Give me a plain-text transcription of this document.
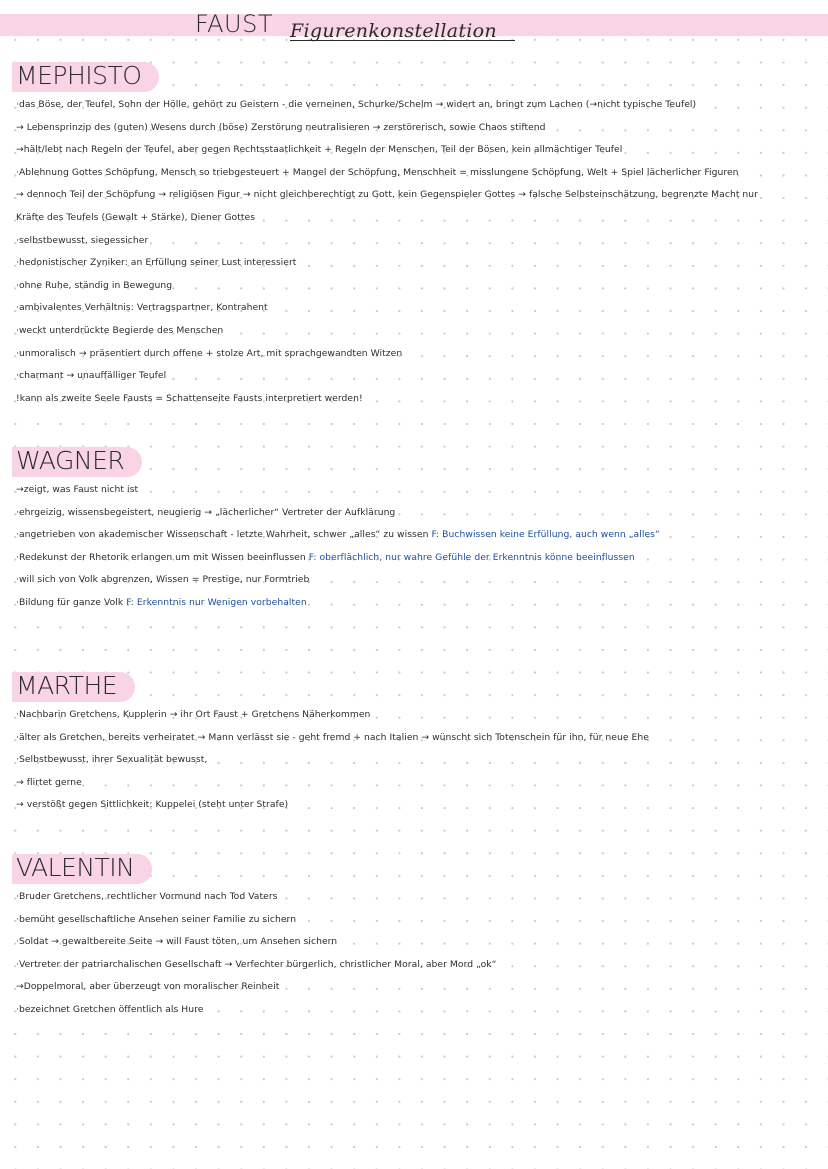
FAUST Figurenkonstellation
MEPHISTO
·das Böse, der Teufel, Sohn der Hölle, gehört zu Geistern - die verneinen, Schurke/Schelm → widert an, bringt zum Lachen (→nicht typische Teufel)
→ Lebensprinzip des (guten) Wesens durch (böse) Zerstörung neutralisieren → zerstörerisch, sowie Chaos stiftend
→hält/lebt nach Regeln der Teufel, aber gegen Rechtsstaatlichkeit + Regeln der Menschen, Teil der Bösen, kein allmächtiger Teufel
·Ablehnung Gottes Schöpfung, Mensch so triebgesteuert + Mangel der Schöpfung, Menschheit = misslungene Schöpfung, Welt + Spiel lächerlicher Figuren
→ dennoch Teil der Schöpfung → religiösen Figur → nicht gleichberechtigt zu Gott, kein Gegenspieler Gottes → falsche Selbsteinschätzung, begrenzte Macht nur
Kräfte des Teufels (Gewalt + Stärke), Diener Gottes
·selbstbewusst, siegessicher
·hedonistischer Zyniker: an Erfüllung seiner Lust interessiert
·ohne Ruhe, ständig in Bewegung
·ambivalentes Verhältnis: Vertragspartner, Kontrahent
·weckt unterdrückte Begierde des Menschen
·unmoralisch → präsentiert durch offene + stolze Art, mit sprachgewandten Witzen
·charmant → unauffälliger Teufel
!kann als zweite Seele Fausts = Schattenseite Fausts interpretiert werden!
WAGNER
→zeigt, was Faust nicht ist
·ehrgeizig, wissensbegeistert, neugierig → „lächerlicher“ Vertreter der Aufklärung
·angetrieben von akademischer Wissenschaft - letzte Wahrheit, schwer „alles“ zu wissen F: Buchwissen keine Erfüllung, auch wenn „alles“
·Redekunst der Rhetorik erlangen um mit Wissen beeinflussen F: oberflächlich, nur wahre Gefühle der Erkenntnis könne beeinflussen
·will sich von Volk abgrenzen, Wissen = Prestige, nur Formtrieb
·Bildung für ganze Volk F: Erkenntnis nur Wenigen vorbehalten
MARTHE
·Nachbarin Gretchens, Kupplerin → ihr Ort Faust + Gretchens Näherkommen
·älter als Gretchen, bereits verheiratet → Mann verlässt sie - geht fremd + nach Italien → wünscht sich Totenschein für ihn, für neue Ehe
·Selbstbewusst, ihrer Sexualität bewusst,
→ flirtet gerne
→ verstößt gegen Sittlichkeit: Kuppelei (steht unter Strafe)
VALENTIN
·Bruder Gretchens, rechtlicher Vormund nach Tod Vaters
·bemüht gesellschaftliche Ansehen seiner Familie zu sichern
·Soldat → gewaltbereite Seite → will Faust töten, um Ansehen sichern
·Vertreter der patriarchalischen Gesellschaft → Verfechter bürgerlich, christlicher Moral, aber Mord „ok“
→Doppelmoral, aber überzeugt von moralischer Reinheit
·bezeichnet Gretchen öffentlich als Hure
